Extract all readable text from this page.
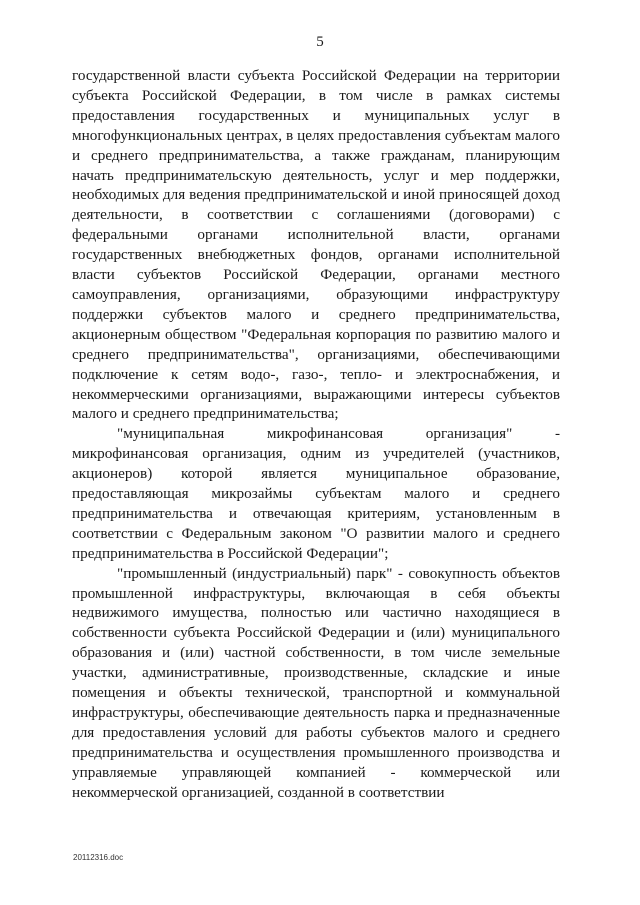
5

государственной власти субъекта Российской Федерации на территории субъекта Российской Федерации, в том числе в рамках системы предоставления государственных и муниципальных услуг в многофункциональных центрах, в целях предоставления субъектам малого и среднего предпринимательства, а также гражданам, планирующим начать предпринимательскую деятельность, услуг и мер поддержки, необходимых для ведения предпринимательской и иной приносящей доход деятельности, в соответствии с соглашениями (договорами) с федеральными органами исполнительной власти, органами государственных внебюджетных фондов, органами исполнительной власти субъектов Российской Федерации, органами местного самоуправления, организациями, образующими инфраструктуру поддержки субъектов малого и среднего предпринимательства, акционерным обществом "Федеральная корпорация по развитию малого и среднего предпринимательства", организациями, обеспечивающими подключение к сетям водо-, газо-, тепло- и электроснабжения, и некоммерческими организациями, выражающими интересы субъектов малого и среднего предпринимательства;

"муниципальная микрофинансовая организация" - микрофинансовая организация, одним из учредителей (участников, акционеров) которой является муниципальное образование, предоставляющая микрозаймы субъектам малого и среднего предпринимательства и отвечающая критериям, установленным в соответствии с Федеральным законом "О развитии малого и среднего предпринимательства в Российской Федерации";

"промышленный (индустриальный) парк" - совокупность объектов промышленной инфраструктуры, включающая в себя объекты недвижимого имущества, полностью или частично находящиеся в собственности субъекта Российской Федерации и (или) муниципального образования и (или) частной собственности, в том числе земельные участки, административные, производственные, складские и иные помещения и объекты технической, транспортной и коммунальной инфраструктуры, обеспечивающие деятельность парка и предназначенные для предоставления условий для работы субъектов малого и среднего предпринимательства и осуществления промышленного производства и управляемые управляющей компанией - коммерческой или некоммерческой организацией, созданной в соответствии

20112316.doc
